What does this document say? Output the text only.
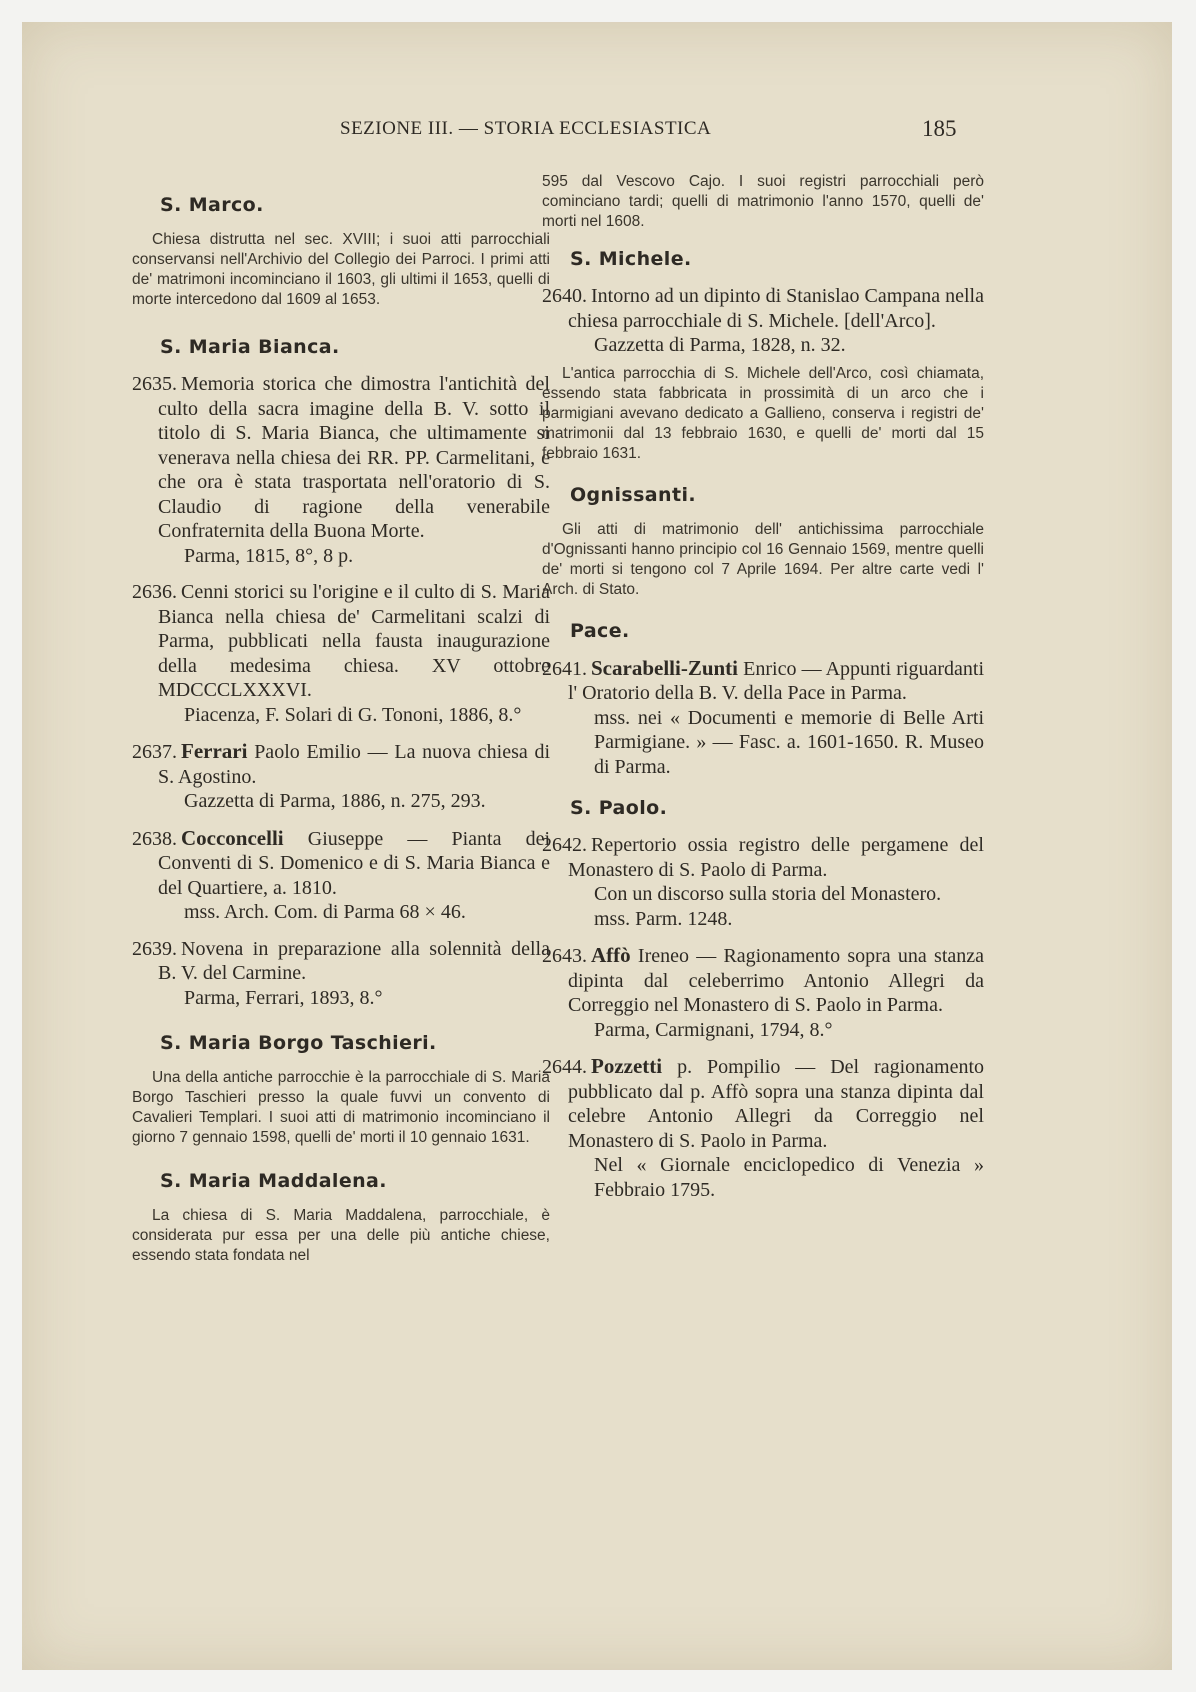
SEZIONE III. — STORIA ECCLESIASTICA	185
S. Marco.

Chiesa distrutta nel sec. XVIII; i suoi atti parrocchiali conservansi nell'Archivio del Collegio dei Parroci. I primi atti de' matrimoni incominciano il 1603, gli ultimi il 1653, quelli di morte intercedono dal 1609 al 1653.

S. Maria Bianca.

2635. Memoria storica che dimostra l'antichità del culto della sacra imagine della B. V. sotto il titolo di S. Maria Bianca, che ultimamente si venerava nella chiesa dei RR. PP. Carmelitani, e che ora è stata trasportata nell'oratorio di S. Claudio di ragione della venerabile Confraternita della Buona Morte.
Parma, 1815, 8°, 8 p.

2636. Cenni storici su l'origine e il culto di S. Maria Bianca nella chiesa de' Carmelitani scalzi di Parma, pubblicati nella fausta inaugurazione della medesima chiesa. XV ottobre MDCCCLXXXVI.
Piacenza, F. Solari di G. Tononi, 1886, 8.°

2637. Ferrari Paolo Emilio — La nuova chiesa di S. Agostino.
Gazzetta di Parma, 1886, n. 275, 293.

2638. Cocconcelli Giuseppe — Pianta dei Conventi di S. Domenico e di S. Maria Bianca e del Quartiere, a. 1810.
mss. Arch. Com. di Parma 68 × 46.

2639. Novena in preparazione alla solennità della B. V. del Carmine.
Parma, Ferrari, 1893, 8.°

S. Maria Borgo Taschieri.

Una della antiche parrocchie è la parrocchiale di S. Maria Borgo Taschieri presso la quale fuvvi un convento di Cavalieri Templari. I suoi atti di matrimonio incominciano il giorno 7 gennaio 1598, quelli de' morti il 10 gennaio 1631.

S. Maria Maddalena.

La chiesa di S. Maria Maddalena, parrocchiale, è considerata pur essa per una delle più antiche chiese, essendo stata fondata nel

595 dal Vescovo Cajo. I suoi registri parrocchiali però cominciano tardi; quelli di matrimonio l'anno 1570, quelli de' morti nel 1608.

S. Michele.

2640. Intorno ad un dipinto di Stanislao Campana nella chiesa parrocchiale di S. Michele. [dell'Arco].
Gazzetta di Parma, 1828, n. 32.

L'antica parrocchia di S. Michele dell'Arco, così chiamata, essendo stata fabbricata in prossimità di un arco che i parmigiani avevano dedicato a Gallieno, conserva i registri de' matrimonii dal 13 febbraio 1630, e quelli de' morti dal 15 febbraio 1631.

Ognissanti.

Gli atti di matrimonio dell' antichissima parrocchiale d'Ognissanti hanno principio col 16 Gennaio 1569, mentre quelli de' morti si tengono col 7 Aprile 1694. Per altre carte vedi l' Arch. di Stato.

Pace.

2641. Scarabelli-Zunti Enrico — Appunti riguardanti l' Oratorio della B. V. della Pace in Parma.
mss. nei « Documenti e memorie di Belle Arti Parmigiane. » — Fasc. a. 1601-1650. R. Museo di Parma.

S. Paolo.

2642. Repertorio ossia registro delle pergamene del Monastero di S. Paolo di Parma.
Con un discorso sulla storia del Monastero.
mss. Parm. 1248.

2643. Affò Ireneo — Ragionamento sopra una stanza dipinta dal celeberrimo Antonio Allegri da Correggio nel Monastero di S. Paolo in Parma.
Parma, Carmignani, 1794, 8.°

2644. Pozzetti p. Pompilio — Del ragionamento pubblicato dal p. Affò sopra una stanza dipinta dal celebre Antonio Allegri da Correggio nel Monastero di S. Paolo in Parma.
Nel « Giornale enciclopedico di Venezia » Febbraio 1795.
